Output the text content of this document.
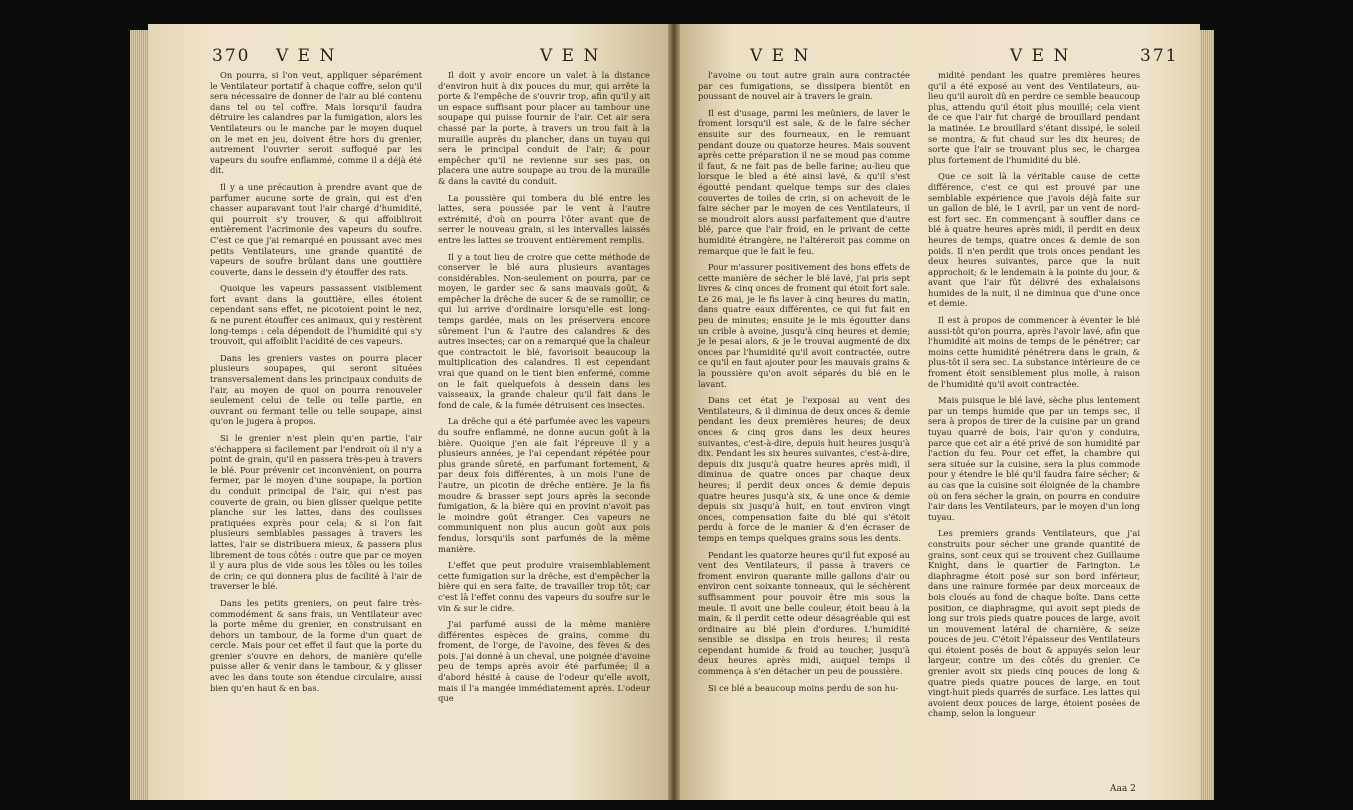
370 V E N	V E N

On pourra, si l'on veut, appliquer séparément le Ventilateur portatif à chaque coffre, selon qu'il sera nécessaire de donner de l'air au blé contenu dans tel ou tel coffre. Mais lorsqu'il faudra détruire les calandres par la fumigation, alors les Ventilateurs ou le manche par le moyen duquel on le met en jeu, doivent être hors du grenier, autrement l'ouvrier seroit suffoqué par les vapeurs du soufre enflammé, comme il a déjà été dit.

Il y a une précaution à prendre avant que de parfumer aucune sorte de grain, qui est d'en chasser auparavant tout l'air chargé d'humidité, qui pourroit s'y trouver, & qui affoibliroit entièrement l'acrimonie des vapeurs du soufre. C'est ce que j'ai remarqué en poussant avec mes petits Ventilateurs, une grande quantité de vapeurs de soufre brûlant dans une gouttière couverte, dans le dessein d'y étouffer des rats.

Quoique les vapeurs passassent visiblement fort avant dans la gouttière, elles étoient cependant sans effet, ne picotoient point le nez, & ne purent étouffer ces animaux, qui y restèrent long-temps : cela dépendoit de l'humidité qui s'y trouvoit, qui affoiblit l'acidité de ces vapeurs.

Dans les greniers vastes on pourra placer plusieurs soupapes, qui seront situées transversalement dans les principaux conduits de l'air, au moyen de quoi on pourra renouveler seulement celui de telle ou telle partie, en ouvrant ou fermant telle ou telle soupape, ainsi qu'on le jugera à propos.

Si le grenier n'est plein qu'en partie, l'air s'échappera si facilement par l'endroit où il n'y a point de grain, qu'il en passera très-peu à travers le blé. Pour prévenir cet inconvénient, on pourra fermer, par le moyen d'une soupape, la portion du conduit principal de l'air, qui n'est pas couverte de grain, ou bien glisser quelque petite planche sur les lattes, dans des coulisses pratiquées exprès pour cela; & si l'on fait plusieurs semblables passages à travers les lattes, l'air se distribuera mieux, & passera plus librement de tous côtés : outre que par ce moyen il y aura plus de vide sous les tôles ou les toiles de crin; ce qui donnera plus de facilité à l'air de traverser le blé.

Dans les petits greniers, on peut faire très-commodément & sans frais, un Ventilateur avec la porte même du grenier, en construisant en dehors un tambour, de la forme d'un quart de cercle. Mais pour cet effet il faut que la porte du grenier s'ouvre en dehors, de manière qu'elle puisse aller & venir dans le tambour, & y glisser avec les dans toute son étendue circulaire, aussi bien qu'en haut & en bas.

Il doit y avoir encore un valet à la distance d'environ huit à dix pouces du mur, qui arrête la porte & l'empêche de s'ouvrir trop, afin qu'il y ait un espace suffisant pour placer au tambour une soupape qui puisse fournir de l'air. Cet air sera chassé par la porte, à travers un trou fait à la muraille auprès du plancher, dans un tuyau qui sera le principal conduit de l'air; & pour empêcher qu'il ne revienne sur ses pas, on placera une autre soupape au trou de la muraille & dans la cavité du conduit.

La poussière qui tombera du blé entre les lattes, sera poussée par le vent à l'autre extrémité, d'où on pourra l'ôter avant que de serrer le nouveau grain, si les intervalles laissés entre les lattes se trouvent entièrement remplis.

Il y a tout lieu de croire que cette méthode de conserver le blé aura plusieurs avantages considérables. Non-seulement on pourra, par ce moyen, le garder sec & sans mauvais goût, & empêcher la drêche de sucer & de se ramollir, ce qui lui arrive d'ordinaire lorsqu'elle est long-temps gardée, mais on les préservera encore sûrement l'un & l'autre des calandres & des autres insectes; car on a remarqué que la chaleur que contractoit le blé, favorisoit beaucoup la multiplication des calandres. Il est cependant vrai que quand on le tient bien enfermé, comme on le fait quelquefois à dessein dans les vaisseaux, la grande chaleur qu'il fait dans le fond de cale, & la fumée détruisent ces insectes.

La drêche qui a été parfumée avec les vapeurs du soufre enflammé, ne donne aucun goût à la bière. Quoique j'en aie fait l'épreuve il y a plusieurs années, je l'ai cependant répétée pour plus grande sûreté, en parfumant fortement, & par deux fois différentes, à un mois l'une de l'autre, un picotin de drêche entière. Je la fis moudre & brasser sept jours après la seconde fumigation, & la bière qui en provint n'avoit pas le moindre goût étranger. Ces vapeurs ne communiquent non plus aucun goût aux pois fendus, lorsqu'ils sont parfumés de la même manière.

L'effet que peut produire vraisemblablement cette fumigation sur la drêche, est d'empêcher la bière qui en sera faite, de travailler trop tôt; car c'est là l'effet connu des vapeurs du soufre sur le vin & sur le cidre.

J'ai parfumé aussi de la même manière différentes espèces de grains, comme du froment, de l'orge, de l'avoine, des fèves & des pois. J'ai donné à un cheval, une poignée d'avoine peu de temps après avoir été parfumée; il a d'abord hésité à cause de l'odeur qu'elle avoit, mais il l'a mangée immédiatement après. L'odeur que

V E N	V E N	371

l'avoine ou tout autre grain aura contractée par ces fumigations, se dissipera bientôt en poussant de nouvel air à travers le grain.

Il est d'usage, parmi les meûniers, de laver le froment lorsqu'il est sale, & de le faire sécher ensuite sur des fourneaux, en le remuant pendant douze ou quatorze heures. Mais souvent après cette préparation il ne se moud pas comme il faut, & ne fait pas de belle farine; au-lieu que lorsque le bled a été ainsi lavé, & qu'il s'est égoutté pendant quelque temps sur des claies couvertes de toiles de crin, si on achevoit de le faire sécher par le moyen de ces Ventilateurs, il se moudroit alors aussi parfaitement que d'autre blé, parce que l'air froid, en le privant de cette humidité étrangère, ne l'altéreroit pas comme on remarque que le fait le feu.

Pour m'assurer positivement des bons effets de cette manière de sécher le blé lavé, j'ai pris sept livres & cinq onces de froment qui étoit fort sale. Le 26 mai, je le fis laver à cinq heures du matin, dans quatre eaux différentes, ce qui fut fait en peu de minutes; ensuite je le mis égoutter dans un crible à avoine, jusqu'à cinq heures et demie; je le pesai alors, & je le trouvai augmenté de dix onces par l'humidité qu'il avoit contractée, outre ce qu'il en faut ajouter pour les mauvais grains & la poussière qu'on avoit séparés du blé en le lavant.

Dans cet état je l'exposai au vent des Ventilateurs, & il diminua de deux onces & demie pendant les deux premières heures; de deux onces & cinq gros dans les deux heures suivantes, c'est-à-dire, depuis huit heures jusqu'à dix. Pendant les six heures suivantes, c'est-à-dire, depuis dix jusqu'à quatre heures après midi, il diminua de quatre onces par chaque deux heures; il perdit deux onces & demie depuis quatre heures jusqu'à six, & une once & demie depuis six jusqu'à huit, en tout environ vingt onces, compensation faite du blé qui s'étoit perdu à force de le manier & d'en écraser de temps en temps quelques grains sous les dents.

Pendant les quatorze heures qu'il fut exposé au vent des Ventilateurs, il passa à travers ce froment environ quarante mille gallons d'air ou environ cent soixante tonneaux, qui le séchèrent suffisamment pour pouvoir être mis sous la meule. Il avoit une belle couleur, étoit beau à la main, & il perdit cette odeur désagréable qui est ordinaire au blé plein d'ordures. L'humidité sensible se dissipa en trois heures; il resta cependant humide & froid au toucher, jusqu'à deux heures après midi, auquel temps il commença à s'en détacher un peu de poussière.

Si ce blé a beaucoup moins perdu de son hu-

midité pendant les quatre premières heures qu'il a été exposé au vent des Ventilateurs, au-lieu qu'il auroit dû en perdre ce semble beaucoup plus, attendu qu'il étoit plus mouillé; cela vient de ce que l'air fut chargé de brouillard pendant la matinée. Le brouillard s'étant dissipé, le soleil se montra, & fut chaud sur les dix heures; de sorte que l'air se trouvant plus sec, le chargea plus fortement de l'humidité du blé.

Que ce soit là la véritable cause de cette différence, c'est ce qui est prouvé par une semblable expérience que j'avois déjà faite sur un gallon de blé, le 1 avril, par un vent de nord-est fort sec. En commençant à souffler dans ce blé à quatre heures après midi, il perdit en deux heures de temps, quatre onces & demie de son poids. Il n'en perdit que trois onces pendant les deux heures suivantes, parce que la nuit approchoit; & le lendemain à la pointe du jour, & avant que l'air fût délivré des exhalaisons humides de la nuit, il ne diminua que d'une once et demie.

Il est à propos de commencer à éventer le blé aussi-tôt qu'on pourra, après l'avoir lavé, afin que l'humidité ait moins de temps de le pénétrer; car moins cette humidité pénétrera dans le grain, & plus-tôt il sera sec. La substance intérieure de ce froment étoit sensiblement plus molle, à raison de l'humidité qu'il avoit contractée.

Mais puisque le blé lavé, sèche plus lentement par un temps humide que par un temps sec, il sera à propos de tirer de la cuisine par un grand tuyau quarré de bois, l'air qu'on y conduira, parce que cet air a été privé de son humidité par l'action du feu. Pour cet effet, la chambre qui sera située sur la cuisine, sera la plus commode pour y étendre le blé qu'il faudra faire sécher; & au cas que la cuisine soit éloignée de la chambre où on fera sécher la grain, on pourra en conduire l'air dans les Ventilateurs, par le moyen d'un long tuyau.

Les premiers grands Ventilateurs, que j'ai construits pour sécher une grande quantité de grains, sont ceux qui se trouvent chez Guillaume Knight, dans le quartier de Farington. Le diaphragme étoit posé sur son bord inférieur, dans une rainure formée par deux morceaux de bois cloués au fond de chaque boîte. Dans cette position, ce diaphragme, qui avoit sept pieds de long sur trois pieds quatre pouces de large, avoit un mouvement latéral de charnière, & seize pouces de jeu. C'étoit l'épaisseur des Ventilateurs qui étoient posés de bout & appuyés selon leur largeur, contre un des côtés du grenier. Ce grenier avoit six pieds cinq pouces de long & quatre pieds quatre pouces de large, en tout vingt-huit pieds quarrés de surface. Les lattes qui avoient deux pouces de large, étoient posées de champ, selon la longueur

Aaa 2
